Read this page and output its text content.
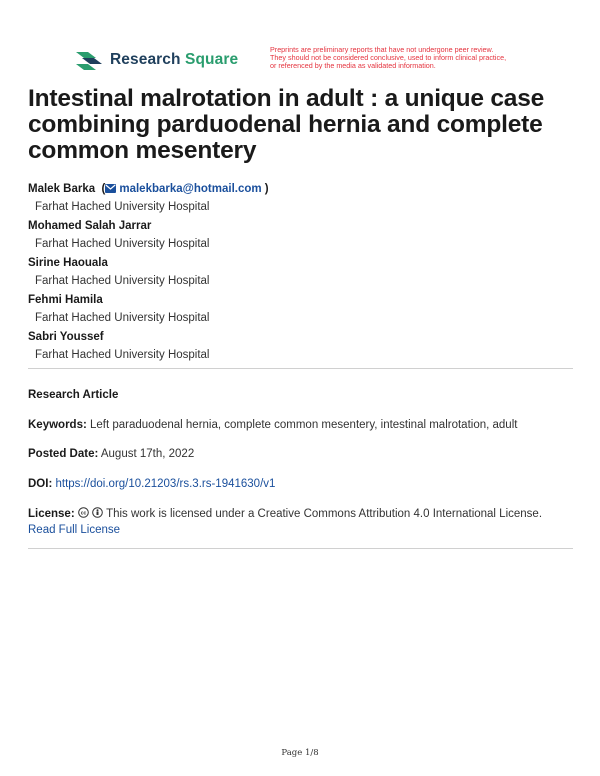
Research Square
Preprints are preliminary reports that have not undergone peer review.
They should not be considered conclusive, used to inform clinical practice,
or referenced by the media as validated information.
Intestinal malrotation in adult : a unique case combining parduodenal hernia and complete common mesentery
Malek Barka  ( malekbarka@hotmail.com )
Farhat Hached University Hospital
Mohamed Salah Jarrar
Farhat Hached University Hospital
Sirine Haouala
Farhat Hached University Hospital
Fehmi Hamila
Farhat Hached University Hospital
Sabri Youssef
Farhat Hached University Hospital
Research Article
Keywords: Left paraduodenal hernia, complete common mesentery, intestinal malrotation, adult
Posted Date: August 17th, 2022
DOI: https://doi.org/10.21203/rs.3.rs-1941630/v1
License: cc This work is licensed under a Creative Commons Attribution 4.0 International License.
Read Full License
Page 1/8
